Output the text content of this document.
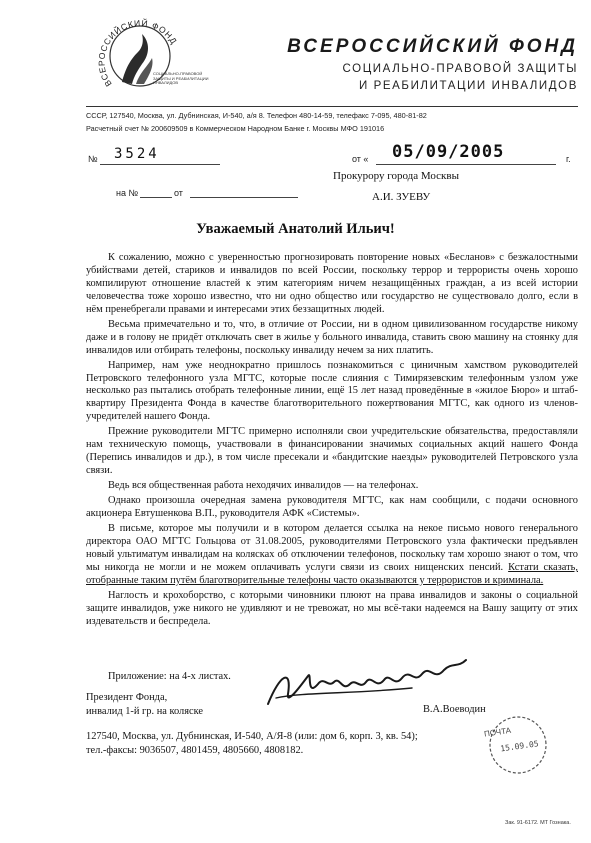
ВСЕРОССИЙСКИЙ ФОНД
СОЦИАЛЬНО-ПРАВОВОЙ ЗАЩИТЫ И РЕАБИЛИТАЦИИ ИНВАЛИДОВ
ВСЕРОССИЙСКИЙ ФОНД
СОЦИАЛЬНО-ПРАВОВОЙ ЗАЩИТЫ
И РЕАБИЛИТАЦИИ ИНВАЛИДОВ
СССР, 127540, Москва, ул. Дубнинская, И-540, а/я 8. Телефон 480-14-59, телефакс 7-095, 480-81-82
Расчетный счет № 200609509 в Коммерческом Народном Банке г. Москвы МФО 191016
№ 3524	от « 05/09/2005	г.
на №	от
Прокурору города Москвы
А.И. ЗУЕВУ
Уважаемый Анатолий Ильич!

К сожалению, можно с уверенностью прогнозировать повторение новых «Бесланов» с безжалостными убийствами детей, стариков и инвалидов по всей России, поскольку террор и террористы очень хорошо компилируют отношение властей к этим категориям ничем незащищённых граждан, а из всей истории человечества тоже хорошо известно, что ни одно общество или государство не существовало долго, если в нём пренебрегали правами и интересами этих беззащитных людей.

Весьма примечательно и то, что, в отличие от России, ни в одном цивилизованном государстве никому даже и в голову не придёт отключать свет в жилье у больного инвалида, ставить свою машину на стоянку для инвалидов или отбирать телефоны, поскольку инвалиду нечем за них платить.

Например, нам уже неоднократно пришлось познакомиться с циничным хамством руководителей Петровского телефонного узла МГТС, которые после слияния с Тимирязевским телефонным узлом уже несколько раз пытались отобрать телефонные линии, ещё 15 лет назад проведённые в «жилое Бюро» и штаб-квартиру Президента Фонда в качестве благотворительного пожертвования МГТС, как одного из членов-учредителей нашего Фонда.

Прежние руководители МГТС примерно исполняли свои учредительские обязательства, предоставляли нам техническую помощь, участвовали в финансировании значимых социальных акций нашего Фонда (Перепись инвалидов и др.), в том числе пресекали и «бандитские наезды» руководителей Петровского узла связи.

Ведь вся общественная работа неходячих инвалидов — на телефонах.

Однако произошла очередная замена руководителя МГТС, как нам сообщили, с подачи основного акционера Евтушенкова В.П., руководителя АФК «Системы».

В письме, которое мы получили и в котором делается ссылка на некое письмо нового генерального директора ОАО МГТС Гольцова от 31.08.2005, руководителями Петровского узла фактически предъявлен новый ультиматум инвалидам на колясках об отключении телефонов, поскольку там хорошо знают о том, что мы никогда не могли и не можем оплачивать услуги связи из своих нищенских пенсий. Кстати сказать, отобранные таким путём благотворительные телефоны часто оказываются у террористов и криминала.

Наглость и крохоборство, с которыми чиновники плюют на права инвалидов и законы о социальной защите инвалидов, уже никого не удивляют и не тревожат, но мы всё-таки надеемся на Вашу защиту от этих издевательств и беспредела.

Приложение: на 4-х листах.
Президент Фонда,
инвалид 1-й гр. на коляске	В.А.Воеводин
127540, Москва, ул. Дубнинская, И-540, А/Я-8 (или: дом 6, корп. 3, кв. 54);
тел.-факсы: 9036507, 4801459, 4805660, 4808182.
ПОЧТА
15.09.05
Зак. 91-6172. МТ Гознака.
